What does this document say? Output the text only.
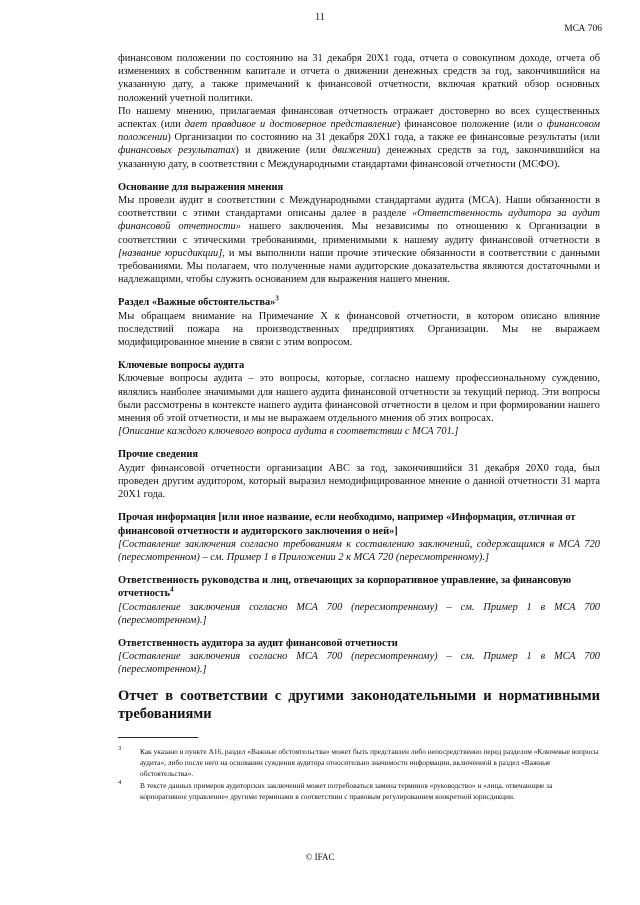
11
МСА 706

финансовом положении по состоянию на 31 декабря 20Х1 года, отчета о совокупном доходе, отчета об изменениях в собственном капитале и отчета о движении денежных средств за год, закончившийся на указанную дату, а также примечаний к финансовой отчетности, включая краткий обзор основных положений учетной политики.

По нашему мнению, прилагаемая финансовая отчетность отражает достоверно во всех существенных аспектах (или дает правдивое и достоверное представление) финансовое положение (или о финансовом положении) Организации по состоянию на 31 декабря 20Х1 года, а также ее финансовые результаты (или финансовых результатах) и движение (или движении) денежных средств за год, закончившийся на указанную дату, в соответствии с Международными стандартами финансовой отчетности (МСФО).

Основание для выражения мнения

Мы провели аудит в соответствии с Международными стандартами аудита (МСА). Наши обязанности в соответствии с этими стандартами описаны далее в разделе «Ответственность аудитора за аудит финансовой отчетности» нашего заключения. Мы независимы по отношению к Организации в соответствии с этическими требованиями, применимыми к нашему аудиту финансовой отчетности в [название юрисдикции], и мы выполнили наши прочие этические обязанности в соответствии с данными требованиями. Мы полагаем, что полученные нами аудиторские доказательства являются достаточными и надлежащими, чтобы служить основанием для выражения нашего мнения.

Раздел «Важные обстоятельства»$^3$

Мы обращаем внимание на Примечание Х к финансовой отчетности, в котором описано влияние последствий пожара на производственных предприятиях Организации. Мы не выражаем модифицированное мнение в связи с этим вопросом.

Ключевые вопросы аудита

Ключевые вопросы аудита – это вопросы, которые, согласно нашему профессиональному суждению, являлись наиболее значимыми для нашего аудита финансовой отчетности за текущий период. Эти вопросы были рассмотрены в контексте нашего аудита финансовой отчетности в целом и при формировании нашего мнения об этой отчетности, и мы не выражаем отдельного мнения об этих вопросах.

[Описание каждого ключевого вопроса аудита в соответствии с МСА 701.]

Прочие сведения

Аудит финансовой отчетности организации АВС за год, закончившийся 31 декабря 20Х0 года, был проведен другим аудитором, который выразил немодифицированное мнение о данной отчетности 31 марта 20Х1 года.

Прочая информация [или иное название, если необходимо, например «Информация, отличная от финансовой отчетности и аудиторского заключения о ней»]

[Составление заключения согласно требованиям к составлению заключений, содержащимся в МСА 720 (пересмотренном) – см. Пример 1 в Приложении 2 к МСА 720 (пересмотренному).]

Ответственность руководства и лиц, отвечающих за корпоративное управление, за финансовую отчетность$^4$

[Составление заключения согласно МСА 700 (пересмотренному) – см. Пример 1 в МСА 700 (пересмотренном).]

Ответственность аудитора за аудит финансовой отчетности

[Составление заключения согласно МСА 700 (пересмотренному) – см. Пример 1 в МСА 700 (пересмотренном).]

Отчет в соответствии с другими законодательными и нормативными требованиями

3	Как указано в пункте А16, раздел «Важные обстоятельства» может быть представлен либо непосредственно перед разделом «Ключевые вопросы аудита», либо после него на основании суждения аудитора относительно значимости информации, включенной в раздел «Важные обстоятельства».
4	В тексте данных примеров аудиторских заключений может потребоваться замена терминов «руководство» и «лица, отвечающие за корпоративное управление» другими терминами в соответствии с правовым регулированием конкретной юрисдикции.
© IFAC
